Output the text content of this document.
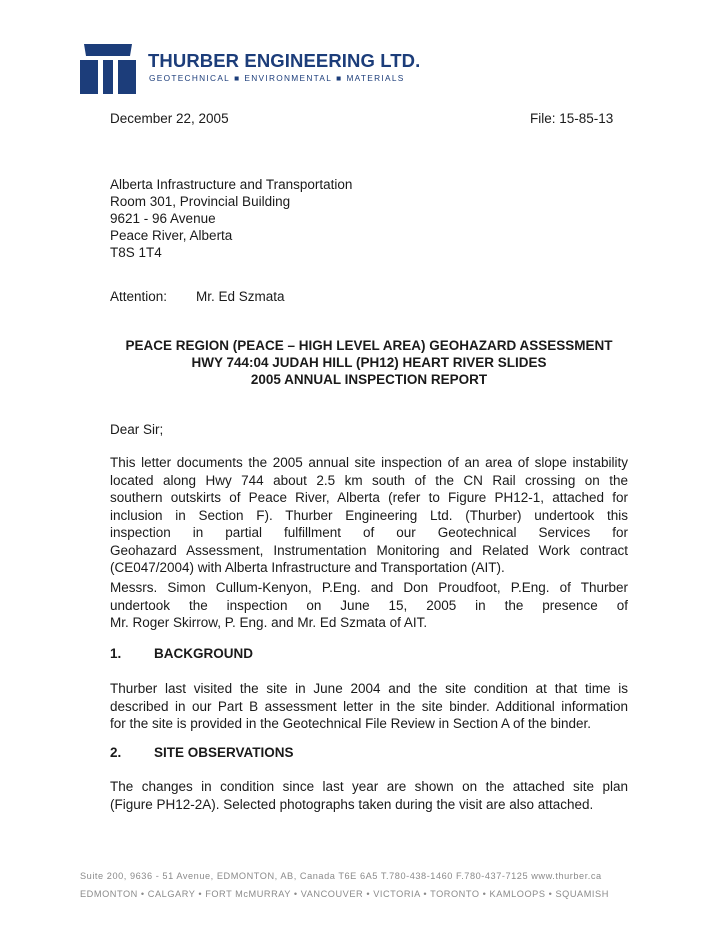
THURBER ENGINEERING LTD.
GEOTECHNICAL ■ ENVIRONMENTAL ■ MATERIALS
December 22, 2005	File: 15-85-13
Alberta Infrastructure and Transportation
Room 301, Provincial Building
9621 - 96 Avenue
Peace River, Alberta
T8S 1T4
Attention: Mr. Ed Szmata
PEACE REGION (PEACE – HIGH LEVEL AREA) GEOHAZARD ASSESSMENT
HWY 744:04 JUDAH HILL (PH12) HEART RIVER SLIDES
2005 ANNUAL INSPECTION REPORT
Dear Sir;
This letter documents the 2005 annual site inspection of an area of slope instability
located along Hwy 744 about 2.5 km south of the CN Rail crossing on the
southern outskirts of Peace River, Alberta (refer to Figure PH12-1, attached for
inclusion in Section F). Thurber Engineering Ltd. (Thurber) undertook this
inspection in partial fulfillment of our Geotechnical Services for
Geohazard Assessment, Instrumentation Monitoring and Related Work contract
(CE047/2004) with Alberta Infrastructure and Transportation (AIT).
Messrs. Simon Cullum-Kenyon, P.Eng. and Don Proudfoot, P.Eng. of Thurber
undertook the inspection on June 15, 2005 in the presence of
Mr. Roger Skirrow, P. Eng. and Mr. Ed Szmata of AIT.
1. BACKGROUND
Thurber last visited the site in June 2004 and the site condition at that time is
described in our Part B assessment letter in the site binder. Additional information
for the site is provided in the Geotechnical File Review in Section A of the binder.
2. SITE OBSERVATIONS
The changes in condition since last year are shown on the attached site plan
(Figure PH12-2A). Selected photographs taken during the visit are also attached.
Suite 200, 9636 - 51 Avenue, EDMONTON, AB, Canada T6E 6A5 T.780-438-1460 F.780-437-7125 www.thurber.ca
EDMONTON • CALGARY • FORT McMURRAY • VANCOUVER • VICTORIA • TORONTO • KAMLOOPS • SQUAMISH
